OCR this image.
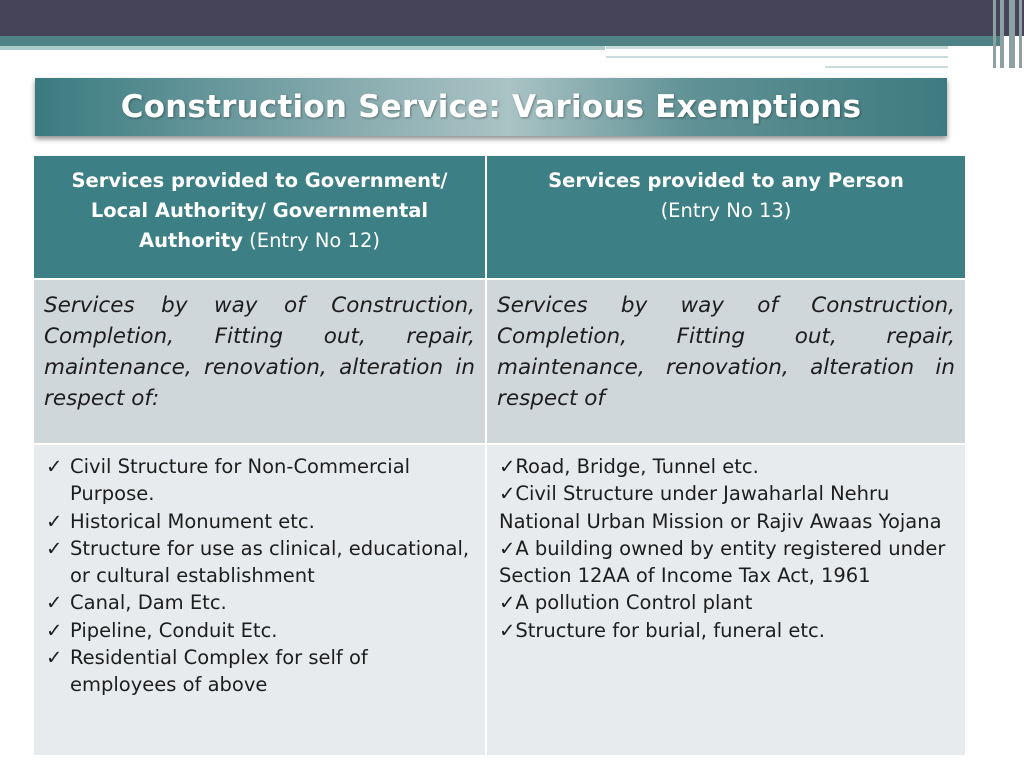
Construction Service: Various Exemptions
Services provided to Government/ Local Authority/ Governmental Authority (Entry No 12)
Services provided to any Person
(Entry No 13)
Services by way of Construction, Completion, Fitting out, repair, maintenance, renovation, alteration in respect of:
Services by way of Construction, Completion, Fitting out, repair, maintenance, renovation, alteration in respect of
✓ Civil Structure for Non-Commercial Purpose.
✓ Historical Monument etc.
✓ Structure for use as clinical, educational, or cultural establishment
✓ Canal, Dam Etc.
✓ Pipeline, Conduit Etc.
✓ Residential Complex for self of employees of above
✓Road, Bridge, Tunnel etc.
✓Civil Structure under Jawaharlal Nehru National Urban Mission or Rajiv Awaas Yojana
✓A building owned by entity registered under Section 12AA of Income Tax Act, 1961
✓A pollution Control plant
✓Structure for burial, funeral etc.
